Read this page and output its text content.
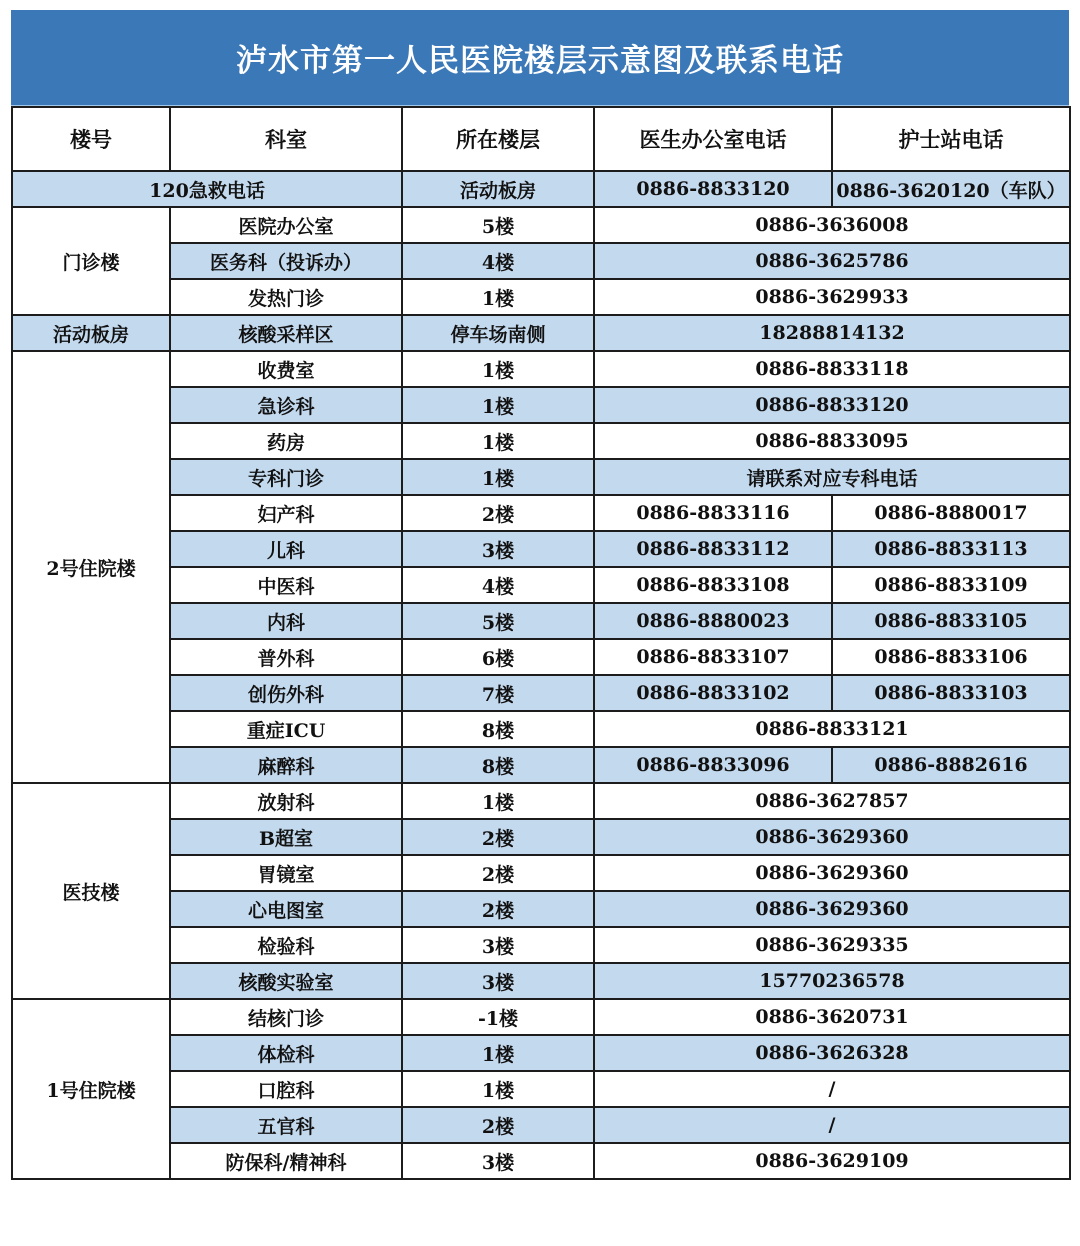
泸水市第一人民医院楼层示意图及联系电话
楼号	科室	所在楼层	医生办公室电话	护士站电话
120急救电话		活动板房	0886-8833120	0886-3620120（车队）
门诊楼	医院办公室	5楼	0886-3636008	
	医务科（投诉办）	4楼	0886-3625786	
	发热门诊	1楼	0886-3629933	
活动板房	核酸采样区	停车场南侧	18288814132	
2号住院楼	收费室	1楼	0886-8833118	
	急诊科	1楼	0886-8833120	
	药房	1楼	0886-8833095	
	专科门诊	1楼	请联系对应专科电话	
	妇产科	2楼	0886-8833116	0886-8880017
	儿科	3楼	0886-8833112	0886-8833113
	中医科	4楼	0886-8833108	0886-8833109
	内科	5楼	0886-8880023	0886-8833105
	普外科	6楼	0886-8833107	0886-8833106
	创伤外科	7楼	0886-8833102	0886-8833103
	重症ICU	8楼	0886-8833121	
	麻醉科	8楼	0886-8833096	0886-8882616
医技楼	放射科	1楼	0886-3627857	
	B超室	2楼	0886-3629360	
	胃镜室	2楼	0886-3629360	
	心电图室	2楼	0886-3629360	
	检验科	3楼	0886-3629335	
	核酸实验室	3楼	15770236578	
1号住院楼	结核门诊	-1楼	0886-3620731	
	体检科	1楼	0886-3626328	
	口腔科	1楼	/	
	五官科	2楼	/	
	防保科/精神科	3楼	0886-3629109	
